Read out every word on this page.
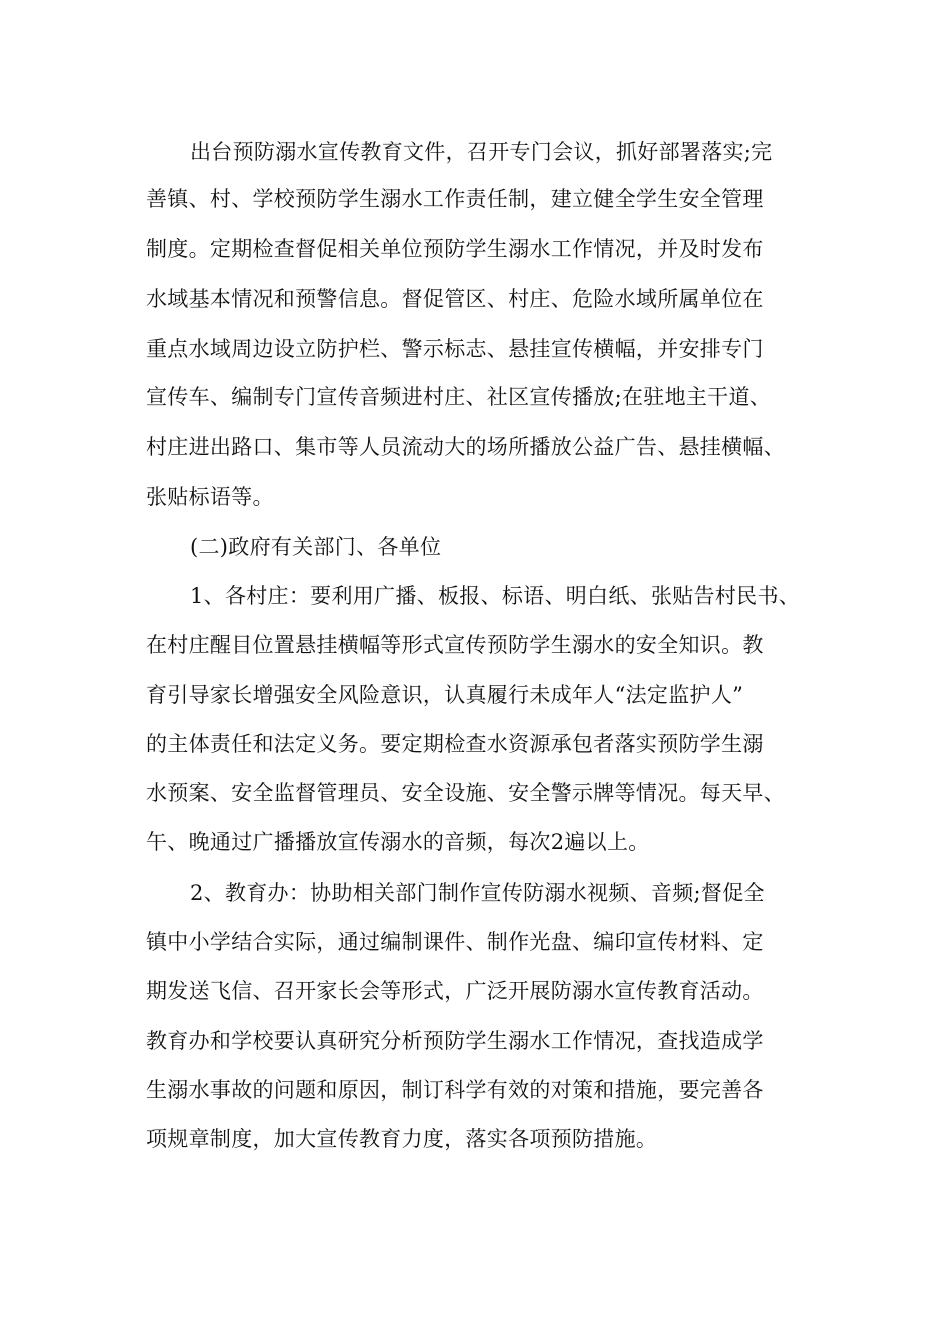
出台预防溺水宣传教育文件，召开专门会议，抓好部署落实;完
善镇、村、学校预防学生溺水工作责任制，建立健全学生安全管理
制度。定期检查督促相关单位预防学生溺水工作情况，并及时发布
水域基本情况和预警信息。督促管区、村庄、危险水域所属单位在
重点水域周边设立防护栏、警示标志、悬挂宣传横幅，并安排专门
宣传车、编制专门宣传音频进村庄、社区宣传播放;在驻地主干道、
村庄进出路口、集市等人员流动大的场所播放公益广告、悬挂横幅、
张贴标语等。
(二)政府有关部门、各单位
1、各村庄：要利用广播、板报、标语、明白纸、张贴告村民书、
在村庄醒目位置悬挂横幅等形式宣传预防学生溺水的安全知识。教
育引导家长增强安全风险意识，认真履行未成年人“法定监护人”
的主体责任和法定义务。要定期检查水资源承包者落实预防学生溺
水预案、安全监督管理员、安全设施、安全警示牌等情况。每天早、
午、晚通过广播播放宣传溺水的音频，每次2遍以上。
2、教育办：协助相关部门制作宣传防溺水视频、音频;督促全
镇中小学结合实际，通过编制课件、制作光盘、编印宣传材料、定
期发送飞信、召开家长会等形式，广泛开展防溺水宣传教育活动。
教育办和学校要认真研究分析预防学生溺水工作情况，查找造成学
生溺水事故的问题和原因，制订科学有效的对策和措施，要完善各
项规章制度，加大宣传教育力度，落实各项预防措施。
